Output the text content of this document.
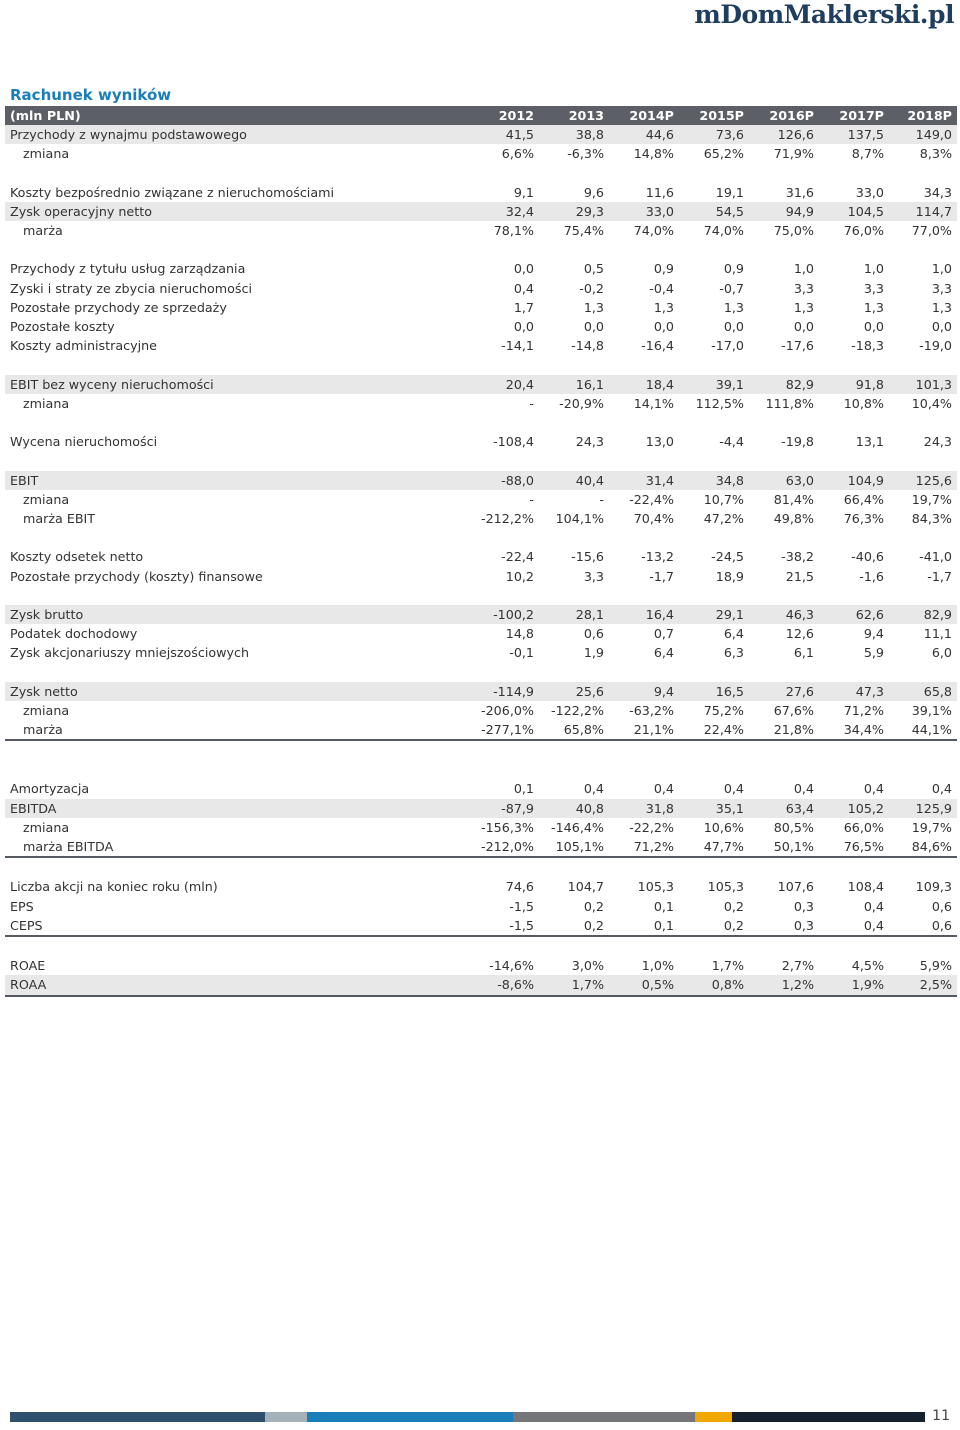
mDomMaklerski.pl
Rachunek wyników
(mln PLN)	2012	2013	2014P	2015P	2016P	2017P	2018P
Przychody z wynajmu podstawowego	41,5	38,8	44,6	73,6	126,6	137,5	149,0
zmiana	6,6%	-6,3%	14,8%	65,2%	71,9%	8,7%	8,3%

Koszty bezpośrednio związane z nieruchomościami	9,1	9,6	11,6	19,1	31,6	33,0	34,3
Zysk operacyjny netto	32,4	29,3	33,0	54,5	94,9	104,5	114,7
marża	78,1%	75,4%	74,0%	74,0%	75,0%	76,0%	77,0%

Przychody z tytułu usług zarządzania	0,0	0,5	0,9	0,9	1,0	1,0	1,0
Zyski i straty ze zbycia nieruchomości	0,4	-0,2	-0,4	-0,7	3,3	3,3	3,3
Pozostałe przychody ze sprzedaży	1,7	1,3	1,3	1,3	1,3	1,3	1,3
Pozostałe koszty	0,0	0,0	0,0	0,0	0,0	0,0	0,0
Koszty administracyjne	-14,1	-14,8	-16,4	-17,0	-17,6	-18,3	-19,0

EBIT bez wyceny nieruchomości	20,4	16,1	18,4	39,1	82,9	91,8	101,3
zmiana	-	-20,9%	14,1%	112,5%	111,8%	10,8%	10,4%

Wycena nieruchomości	-108,4	24,3	13,0	-4,4	-19,8	13,1	24,3

EBIT	-88,0	40,4	31,4	34,8	63,0	104,9	125,6
zmiana	-	-	-22,4%	10,7%	81,4%	66,4%	19,7%
marża EBIT	-212,2%	104,1%	70,4%	47,2%	49,8%	76,3%	84,3%

Koszty odsetek netto	-22,4	-15,6	-13,2	-24,5	-38,2	-40,6	-41,0
Pozostałe przychody (koszty) finansowe	10,2	3,3	-1,7	18,9	21,5	-1,6	-1,7

Zysk brutto	-100,2	28,1	16,4	29,1	46,3	62,6	82,9
Podatek dochodowy	14,8	0,6	0,7	6,4	12,6	9,4	11,1
Zysk akcjonariuszy mniejszościowych	-0,1	1,9	6,4	6,3	6,1	5,9	6,0

Zysk netto	-114,9	25,6	9,4	16,5	27,6	47,3	65,8
zmiana	-206,0%	-122,2%	-63,2%	75,2%	67,6%	71,2%	39,1%
marża	-277,1%	65,8%	21,1%	22,4%	21,8%	34,4%	44,1%

Amortyzacja	0,1	0,4	0,4	0,4	0,4	0,4	0,4
EBITDA	-87,9	40,8	31,8	35,1	63,4	105,2	125,9
zmiana	-156,3%	-146,4%	-22,2%	10,6%	80,5%	66,0%	19,7%
marża EBITDA	-212,0%	105,1%	71,2%	47,7%	50,1%	76,5%	84,6%

Liczba akcji na koniec roku (mln)	74,6	104,7	105,3	105,3	107,6	108,4	109,3
EPS	-1,5	0,2	0,1	0,2	0,3	0,4	0,6
CEPS	-1,5	0,2	0,1	0,2	0,3	0,4	0,6

ROAE	-14,6%	3,0%	1,0%	1,7%	2,7%	4,5%	5,9%
ROAA	-8,6%	1,7%	0,5%	0,8%	1,2%	1,9%	2,5%
11
